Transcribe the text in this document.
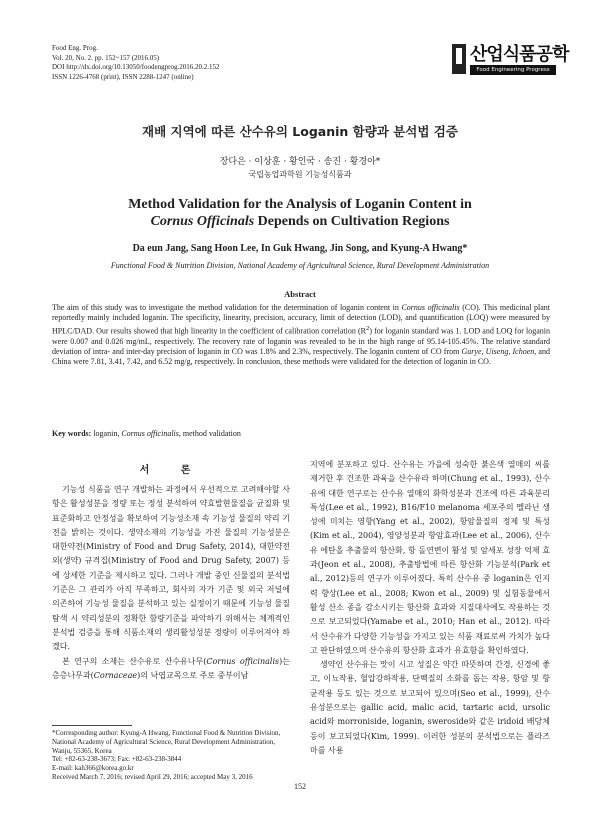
Food Eng. Prog.
Vol. 20, No. 2. pp. 152~157 (2016.05)
DOI http://dx.doi.org/10.13050/foodengprog.2016.20.2.152
ISSN 1226-4768 (print), ISSN 2288-1247 (online)
산업식품공학
Food Engineering Progress
재배 지역에 따른 산수유의 Loganin 함량과 분석법 검증
장다은 · 이상훈 · 황인국 · 송진 · 황경아*
국립농업과학원 기능성식품과
Method Validation for the Analysis of Loganin Content in
Cornus Officinals Depends on Cultivation Regions
Da eun Jang, Sang Hoon Lee, In Guk Hwang, Jin Song, and Kyung-A Hwang*
Functional Food & Nutrition Division, National Academy of Agricultural Science, Rural Development Administration
Abstract

The aim of this study was to investigate the method validation for the determination of loganin content in Cornus officinalis (CO). This medicinal plant reportedly mainly included loganin. The specificity, linearity, precision, accuracy, limit of detection (LOD), and quantification (LOQ) were measured by HPLC/DAD. Our results showed that high linearity in the coefficient of calibration correlation $(R^2)$ for loganin standard was 1. LOD and LOQ for loganin were 0.007 and 0.026 mg/mL, respectively. The recovery rate of loganin was revealed to be in the high range of 95.14-105.45%. The relative standard deviation of intra- and inter-day precision of loganin in CO was 1.8% and 2.3%, respectively. The loganin content of CO from Gurye, Uiseng, Ichoen, and China were 7.81, 3.41, 7.42, and 6.52 mg/g, respectively. In conclusion, these methods were validated for the detection of loganin in CO.

Key words: loganin, Cornus officinalis, method validation
서 론

기능성 식품을 연구 개발하는 과정에서 우선적으로 고려해야할 사항은 활성성분을 정량 또는 정성 분석하여 약효발현물질을 균질화 및 표준화하고 안정성을 확보하여 기능성소재 속 기능성 물질의 약리 기전을 밝히는 것이다. 생약소재의 기능성을 가진 물질의 기능성분은 대한약전(Ministry of Food and Drug Safety, 2014), 대한약전외(생약) 규격집(Ministry of Food and Drug Safety, 2007) 등에 상세한 기준을 제시하고 있다. 그러나 개발 중인 신물질의 분석법 기준은 그 관리가 아직 부족하고, 회사의 자가 기준 및 외국 저널에 의존하여 기능성 물질을 분석하고 있는 실정이기 때문에 기능성 물질 탐색 시 약리성분의 정확한 함량기준을 파악하기 위해서는 체계적인 분석법 검증을 통해 식품소재의 생리활성성분 정량이 이루어져야 하겠다.

본 연구의 소재는 산수유로 산수유나무(Cornus officinalis)는 층층나무과(Cornaceae)의 낙엽교목으로 주로 중부이남

지역에 분포하고 있다. 산수유는 가을에 성숙한 붉은색 열매의 씨를 제거한 후 건조한 과육을 산수유라 하며(Chung et al., 1993), 산수유에 대한 연구로는 산수유 열매의 화학성분과 건조에 따른 과육분리특성(Lee et al., 1992), B16/F10 melanoma 세포주의 멜라닌 생성에 미치는 영향(Yang et al., 2002), 항암물질의 정제 및 특성(Kim et al., 2004), 영양성분과 항암효과(Lee et al., 2006), 산수유 에탄올 추출물의 항산화, 항 돌연변이 활성 및 암세포 성장 억제 효과(Jeon et al., 2008), 추출방법에 따른 항산화 기능분석(Park et al., 2012)등의 연구가 이루어졌다. 특히 산수유 중 loganin은 인지력 향상(Lee et al., 2008; Kwon et al., 2009) 및 실험동물에서 활성 산소 종을 감소시키는 항산화 효과와 지질대사에도 작용하는 것으로 보고되었다(Yamabe et al., 2010; Han et al., 2012). 따라서 산수유가 다양한 기능성을 가지고 있는 식품 재료로써 가치가 높다고 판단하였으며 산수유의 항산화 효과가 유효함을 확인하였다.

생약인 산수유는 맛이 시고 성질은 약간 따뜻하며 간경, 신경에 좋고, 이뇨작용, 혈압강하작용, 단백질의 소화를 돕는 작용, 항암 및 항균작용 등도 있는 것으로 보고되어 있으며(Seo et al., 1999), 산수유성분으로는 gallic acid, malic acid, tartaric acid, ursolic acid와 morroniside, loganin, sweroside와 같은 iridoid 배당체 등이 보고되었다(Kim, 1999). 이러한 성분의 분석법으로는 플라즈마를 사용

*Corresponding author: Kyung-A Hwang, Functional Food & Nutrition Division, National Academy of Agricultural Science, Rural Development Administration, Wanju, 55365, Korea
Tel: +82-63-238-3673; Fax: +82-63-238-3844
E-mail: kah366@korea.go.kr
Received March 7, 2016; revised April 29, 2016; accepted May 3, 2016
152
